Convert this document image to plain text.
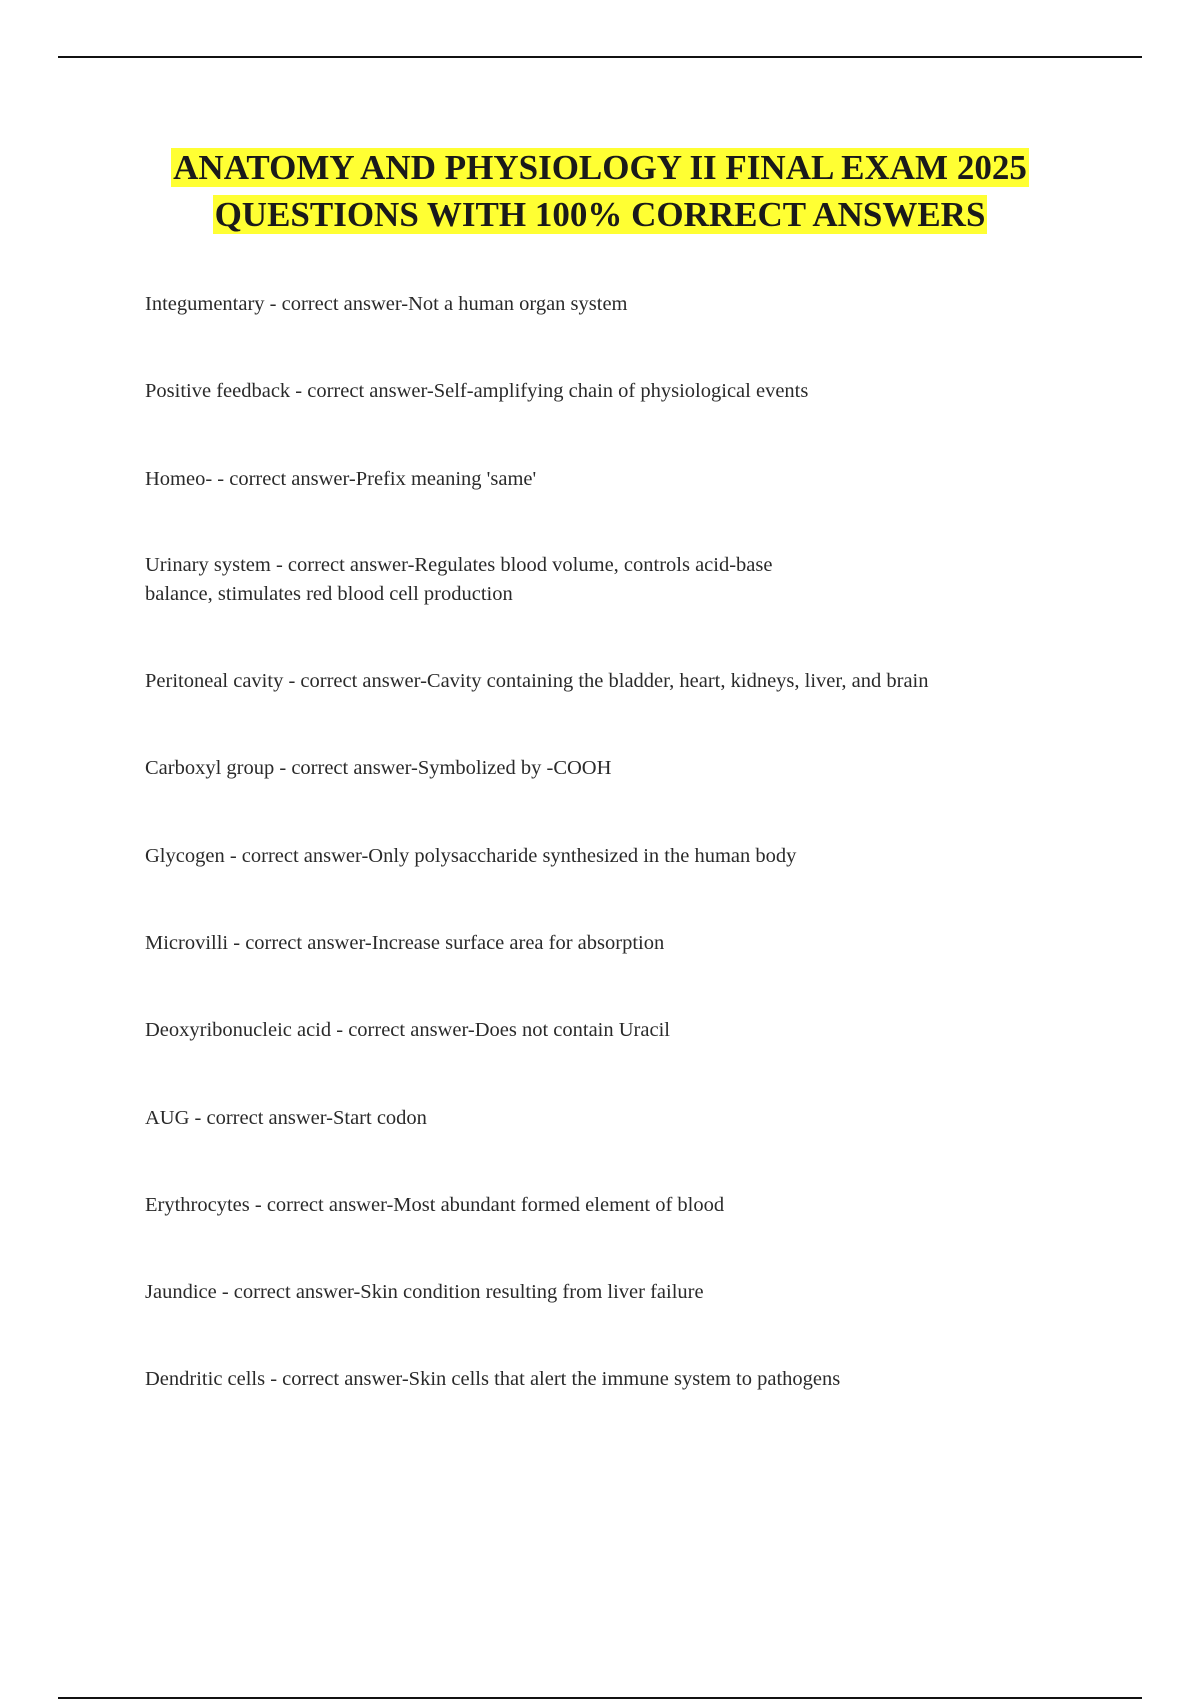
ANATOMY AND PHYSIOLOGY II FINAL EXAM 2025
QUESTIONS WITH 100% CORRECT ANSWERS
Integumentary - correct answer-Not a human organ system
Positive feedback - correct answer-Self-amplifying chain of physiological events
Homeo- - correct answer-Prefix meaning 'same'
Urinary system - correct answer-Regulates blood volume, controls acid-base balance, stimulates red blood cell production
Peritoneal cavity - correct answer-Cavity containing the bladder, heart, kidneys, liver, and brain
Carboxyl group - correct answer-Symbolized by -COOH
Glycogen - correct answer-Only polysaccharide synthesized in the human body
Microvilli - correct answer-Increase surface area for absorption
Deoxyribonucleic acid - correct answer-Does not contain Uracil
AUG - correct answer-Start codon
Erythrocytes - correct answer-Most abundant formed element of blood
Jaundice - correct answer-Skin condition resulting from liver failure
Dendritic cells - correct answer-Skin cells that alert the immune system to pathogens
